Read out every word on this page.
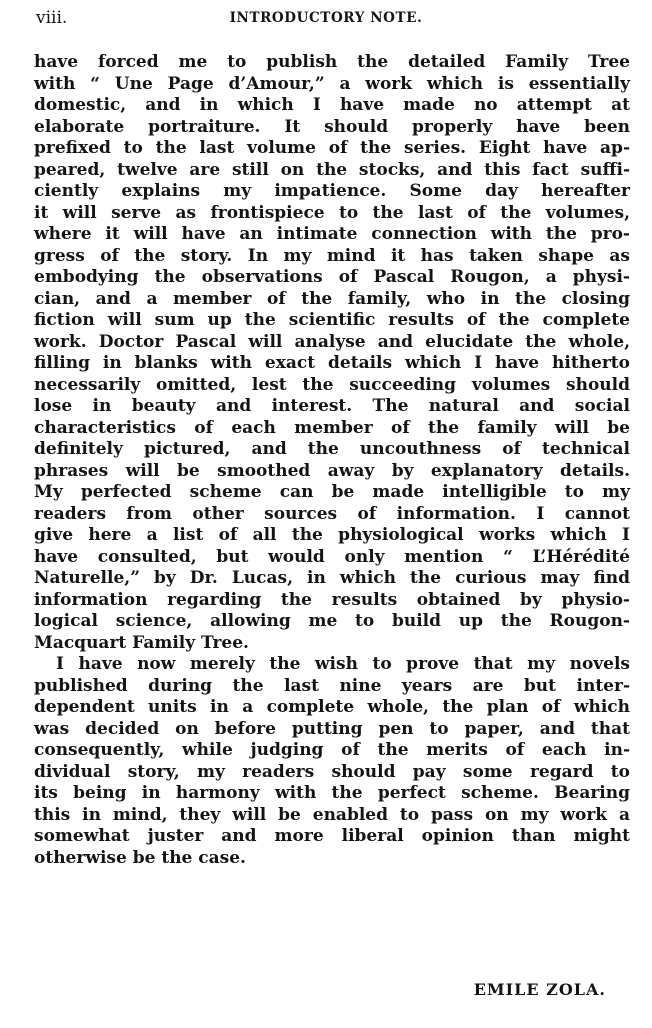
viii.	INTRODUCTORY NOTE.
have forced me to publish the detailed Family Tree
with “ Une Page d’Amour,” a work which is essentially
domestic, and in which I have made no attempt at
elaborate portraiture. It should properly have been
prefixed to the last volume of the series. Eight have ap-
peared, twelve are still on the stocks, and this fact suffi-
ciently explains my impatience. Some day hereafter
it will serve as frontispiece to the last of the volumes,
where it will have an intimate connection with the pro-
gress of the story. In my mind it has taken shape as
embodying the observations of Pascal Rougon, a physi-
cian, and a member of the family, who in the closing
fiction will sum up the scientific results of the complete
work. Doctor Pascal will analyse and elucidate the whole,
filling in blanks with exact details which I have hitherto
necessarily omitted, lest the succeeding volumes should
lose in beauty and interest. The natural and social
characteristics of each member of the family will be
definitely pictured, and the uncouthness of technical
phrases will be smoothed away by explanatory details.
My perfected scheme can be made intelligible to my
readers from other sources of information. I cannot
give here a list of all the physiological works which I
have consulted, but would only mention “ L’Hérédité
Naturelle,” by Dr. Lucas, in which the curious may find
information regarding the results obtained by physio-
logical science, allowing me to build up the Rougon-
Macquart Family Tree.
I have now merely the wish to prove that my novels
published during the last nine years are but inter-
dependent units in a complete whole, the plan of which
was decided on before putting pen to paper, and that
consequently, while judging of the merits of each in-
dividual story, my readers should pay some regard to
its being in harmony with the perfect scheme. Bearing
this in mind, they will be enabled to pass on my work a
somewhat juster and more liberal opinion than might
otherwise be the case.
EMILE ZOLA.
